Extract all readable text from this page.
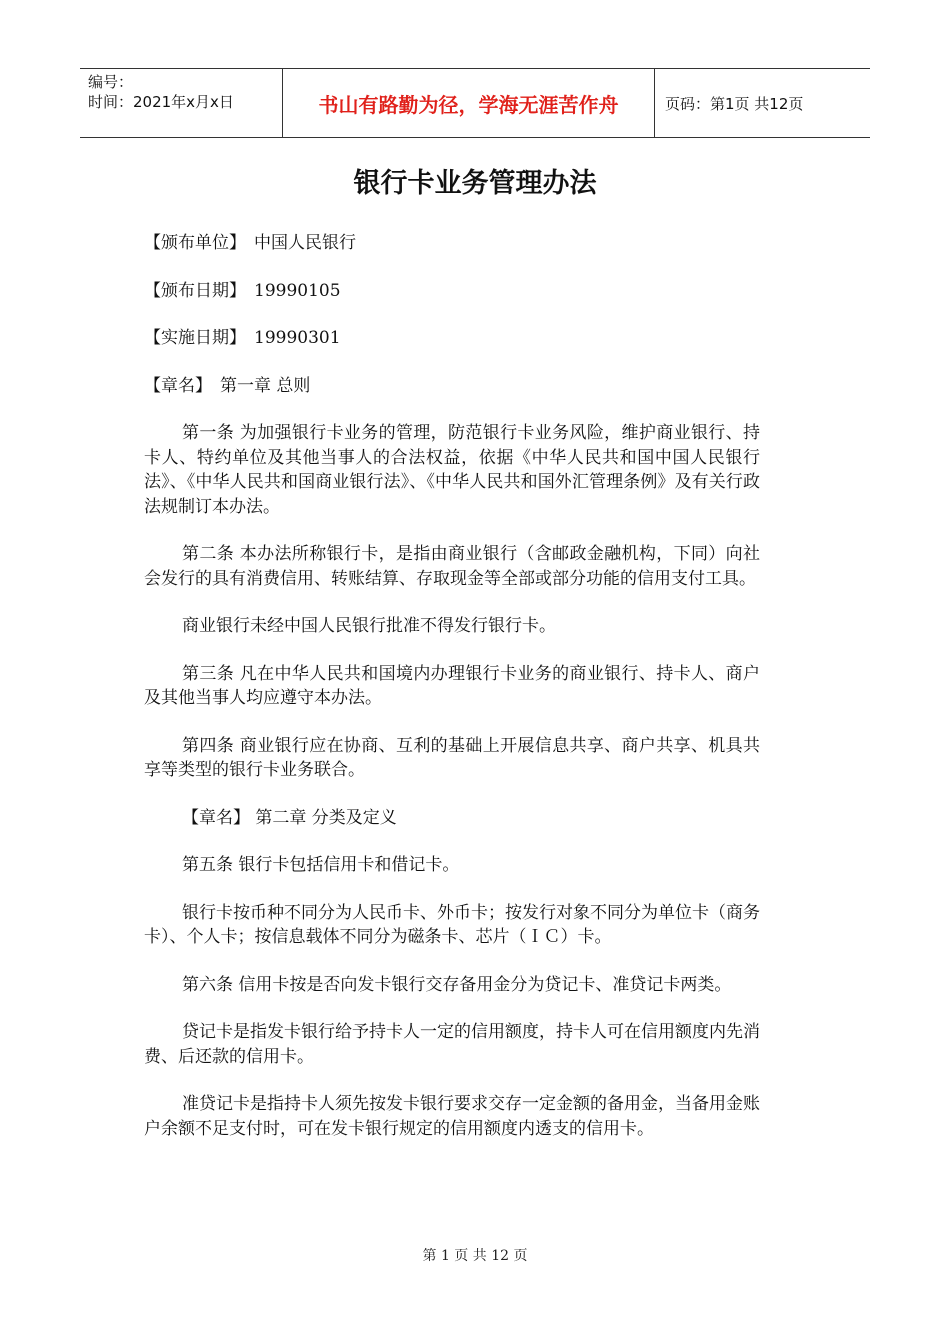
编号：
时间：2021年x月x日	书山有路勤为径，学海无涯苦作舟	页码：第1页 共12页
银行卡业务管理办法
【颁布单位】 中国人民银行
【颁布日期】 19990105
【实施日期】 19990301
【章名】 第一章 总则

第一条 为加强银行卡业务的管理，防范银行卡业务风险，维护商业银行、持卡人、特约单位及其他当事人的合法权益，依据《中华人民共和国中国人民银行法》、《中华人民共和国商业银行法》、《中华人民共和国外汇管理条例》及有关行政法规制订本办法。

第二条 本办法所称银行卡，是指由商业银行（含邮政金融机构，下同）向社会发行的具有消费信用、转账结算、存取现金等全部或部分功能的信用支付工具。

商业银行未经中国人民银行批准不得发行银行卡。

第三条 凡在中华人民共和国境内办理银行卡业务的商业银行、持卡人、商户及其他当事人均应遵守本办法。

第四条 商业银行应在协商、互利的基础上开展信息共享、商户共享、机具共享等类型的银行卡业务联合。

【章名】 第二章 分类及定义

第五条 银行卡包括信用卡和借记卡。

银行卡按币种不同分为人民币卡、外币卡；按发行对象不同分为单位卡（商务卡）、个人卡；按信息载体不同分为磁条卡、芯片（ＩＣ）卡。

第六条 信用卡按是否向发卡银行交存备用金分为贷记卡、准贷记卡两类。

贷记卡是指发卡银行给予持卡人一定的信用额度，持卡人可在信用额度内先消费、后还款的信用卡。

准贷记卡是指持卡人须先按发卡银行要求交存一定金额的备用金，当备用金账户余额不足支付时，可在发卡银行规定的信用额度内透支的信用卡。

第 1 页 共 12 页
